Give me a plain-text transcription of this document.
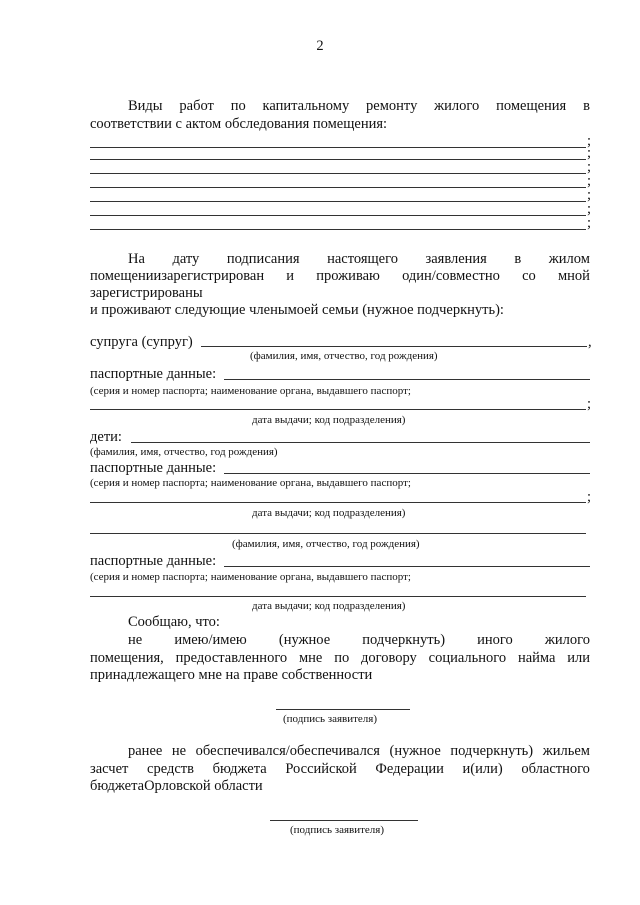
2
Виды работ по капитальному ремонту жилого помещения в
соответствии с актом обследования помещения:
;
;
;
;
;
;
;
На дату подписания настоящего заявления в жилом
помещениизарегистрирован и проживаю один/совместно со мной
зарегистрированы
и проживают следующие членымоей семьи (нужное подчеркнуть):
супруга (супруг)	,
(фамилия, имя, отчество, год рождения)
паспортные данные:
(серия и номер паспорта; наименование органа, выдавшего паспорт;
;
дата выдачи; код подразделения)
дети:
(фамилия, имя, отчество, год рождения)
паспортные данные:
(серия и номер паспорта; наименование органа, выдавшего паспорт;
;
дата выдачи; код подразделения)
(фамилия, имя, отчество, год рождения)
паспортные данные:
(серия и номер паспорта; наименование органа, выдавшего паспорт;
дата выдачи; код подразделения)
Сообщаю, что:
не имею/имею (нужное подчеркнуть) иного жилого
помещения, предоставленного мне по договору социального найма или
принадлежащего мне на праве собственности
(подпись заявителя)
ранее не обеспечивался/обеспечивался (нужное подчеркнуть) жильем
засчет средств бюджета Российской Федерации и(или) областного
бюджетаОрловской области
(подпись заявителя)
